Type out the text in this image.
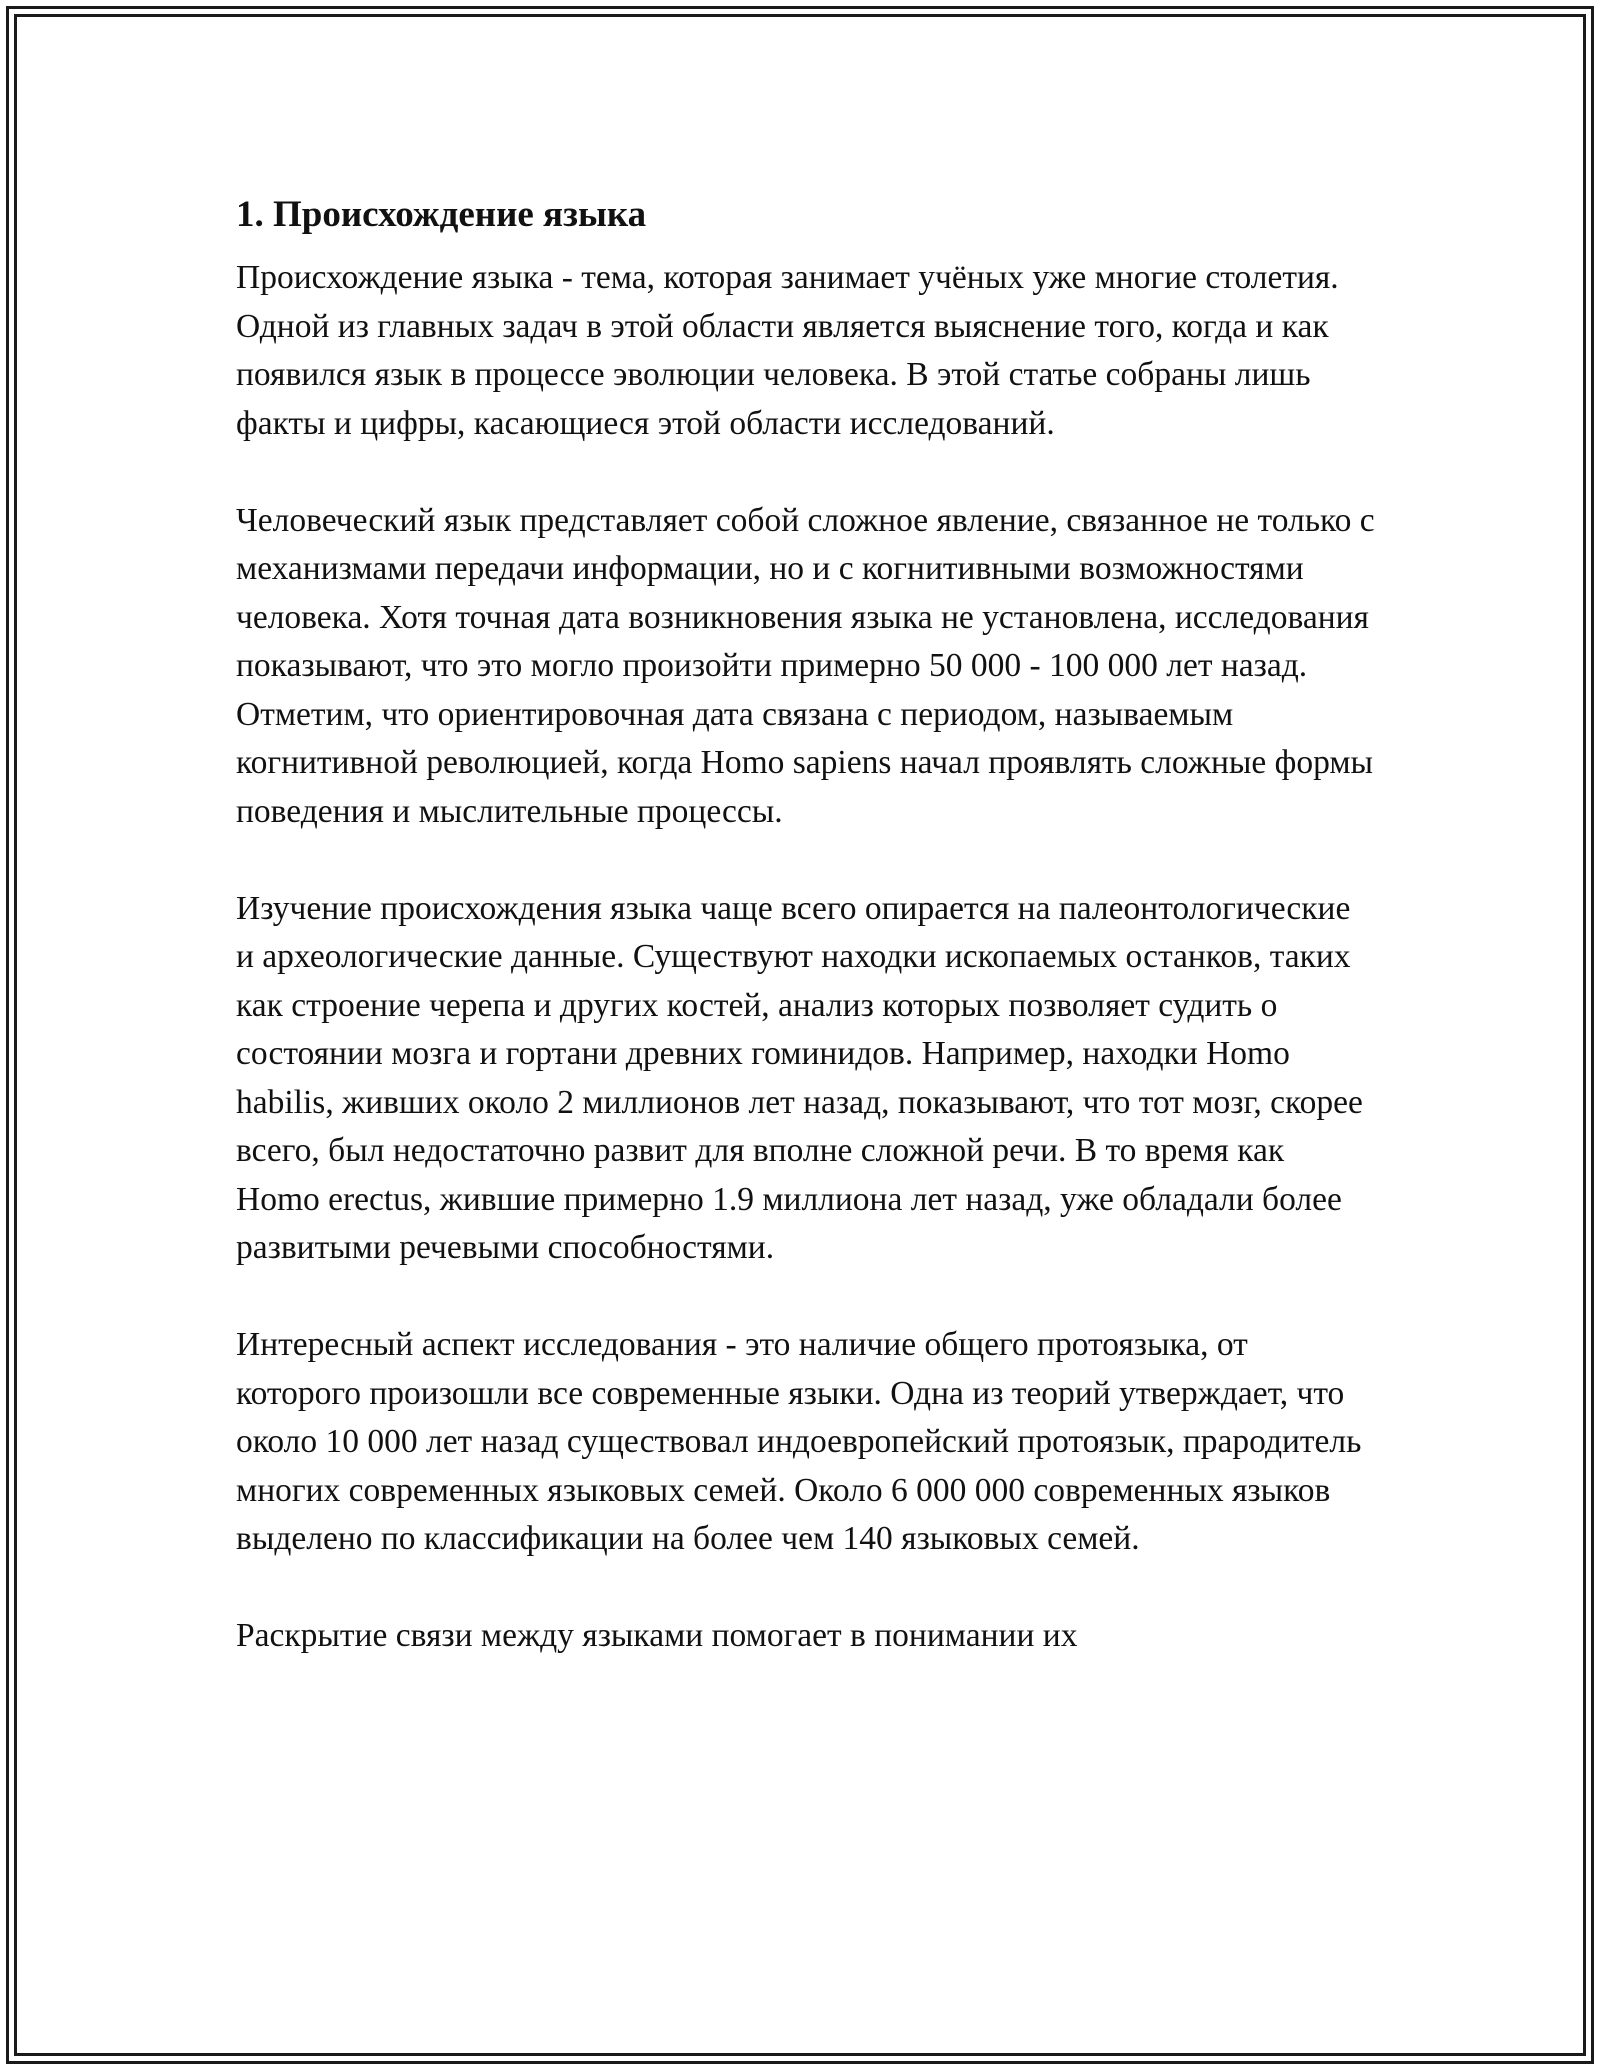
1. Происхождение языка

Происхождение языка - тема, которая занимает учёных уже многие столетия. Одной из главных задач в этой области является выяснение того, когда и как появился язык в процессе эволюции человека. В этой статье собраны лишь факты и цифры, касающиеся этой области исследований.

Человеческий язык представляет собой сложное явление, связанное не только с механизмами передачи информации, но и с когнитивными возможностями человека. Хотя точная дата возникновения языка не установлена, исследования показывают, что это могло произойти примерно 50 000 - 100 000 лет назад. Отметим, что ориентировочная дата связана с периодом, называемым когнитивной революцией, когда Homo sapiens начал проявлять сложные формы поведения и мыслительные процессы.

Изучение происхождения языка чаще всего опирается на палеонтологические и археологические данные. Существуют находки ископаемых останков, таких как строение черепа и других костей, анализ которых позволяет судить о состоянии мозга и гортани древних гоминидов. Например, находки Homo habilis, живших около 2 миллионов лет назад, показывают, что тот мозг, скорее всего, был недостаточно развит для вполне сложной речи. В то время как Homo erectus, жившие примерно 1.9 миллиона лет назад, уже обладали более развитыми речевыми способностями.

Интересный аспект исследования - это наличие общего протоязыка, от которого произошли все современные языки. Одна из теорий утверждает, что около 10 000 лет назад существовал индоевропейский протоязык, прародитель многих современных языковых семей. Около 6 000 000 современных языков выделено по классификации на более чем 140 языковых семей.

Раскрытие связи между языками помогает в понимании их
